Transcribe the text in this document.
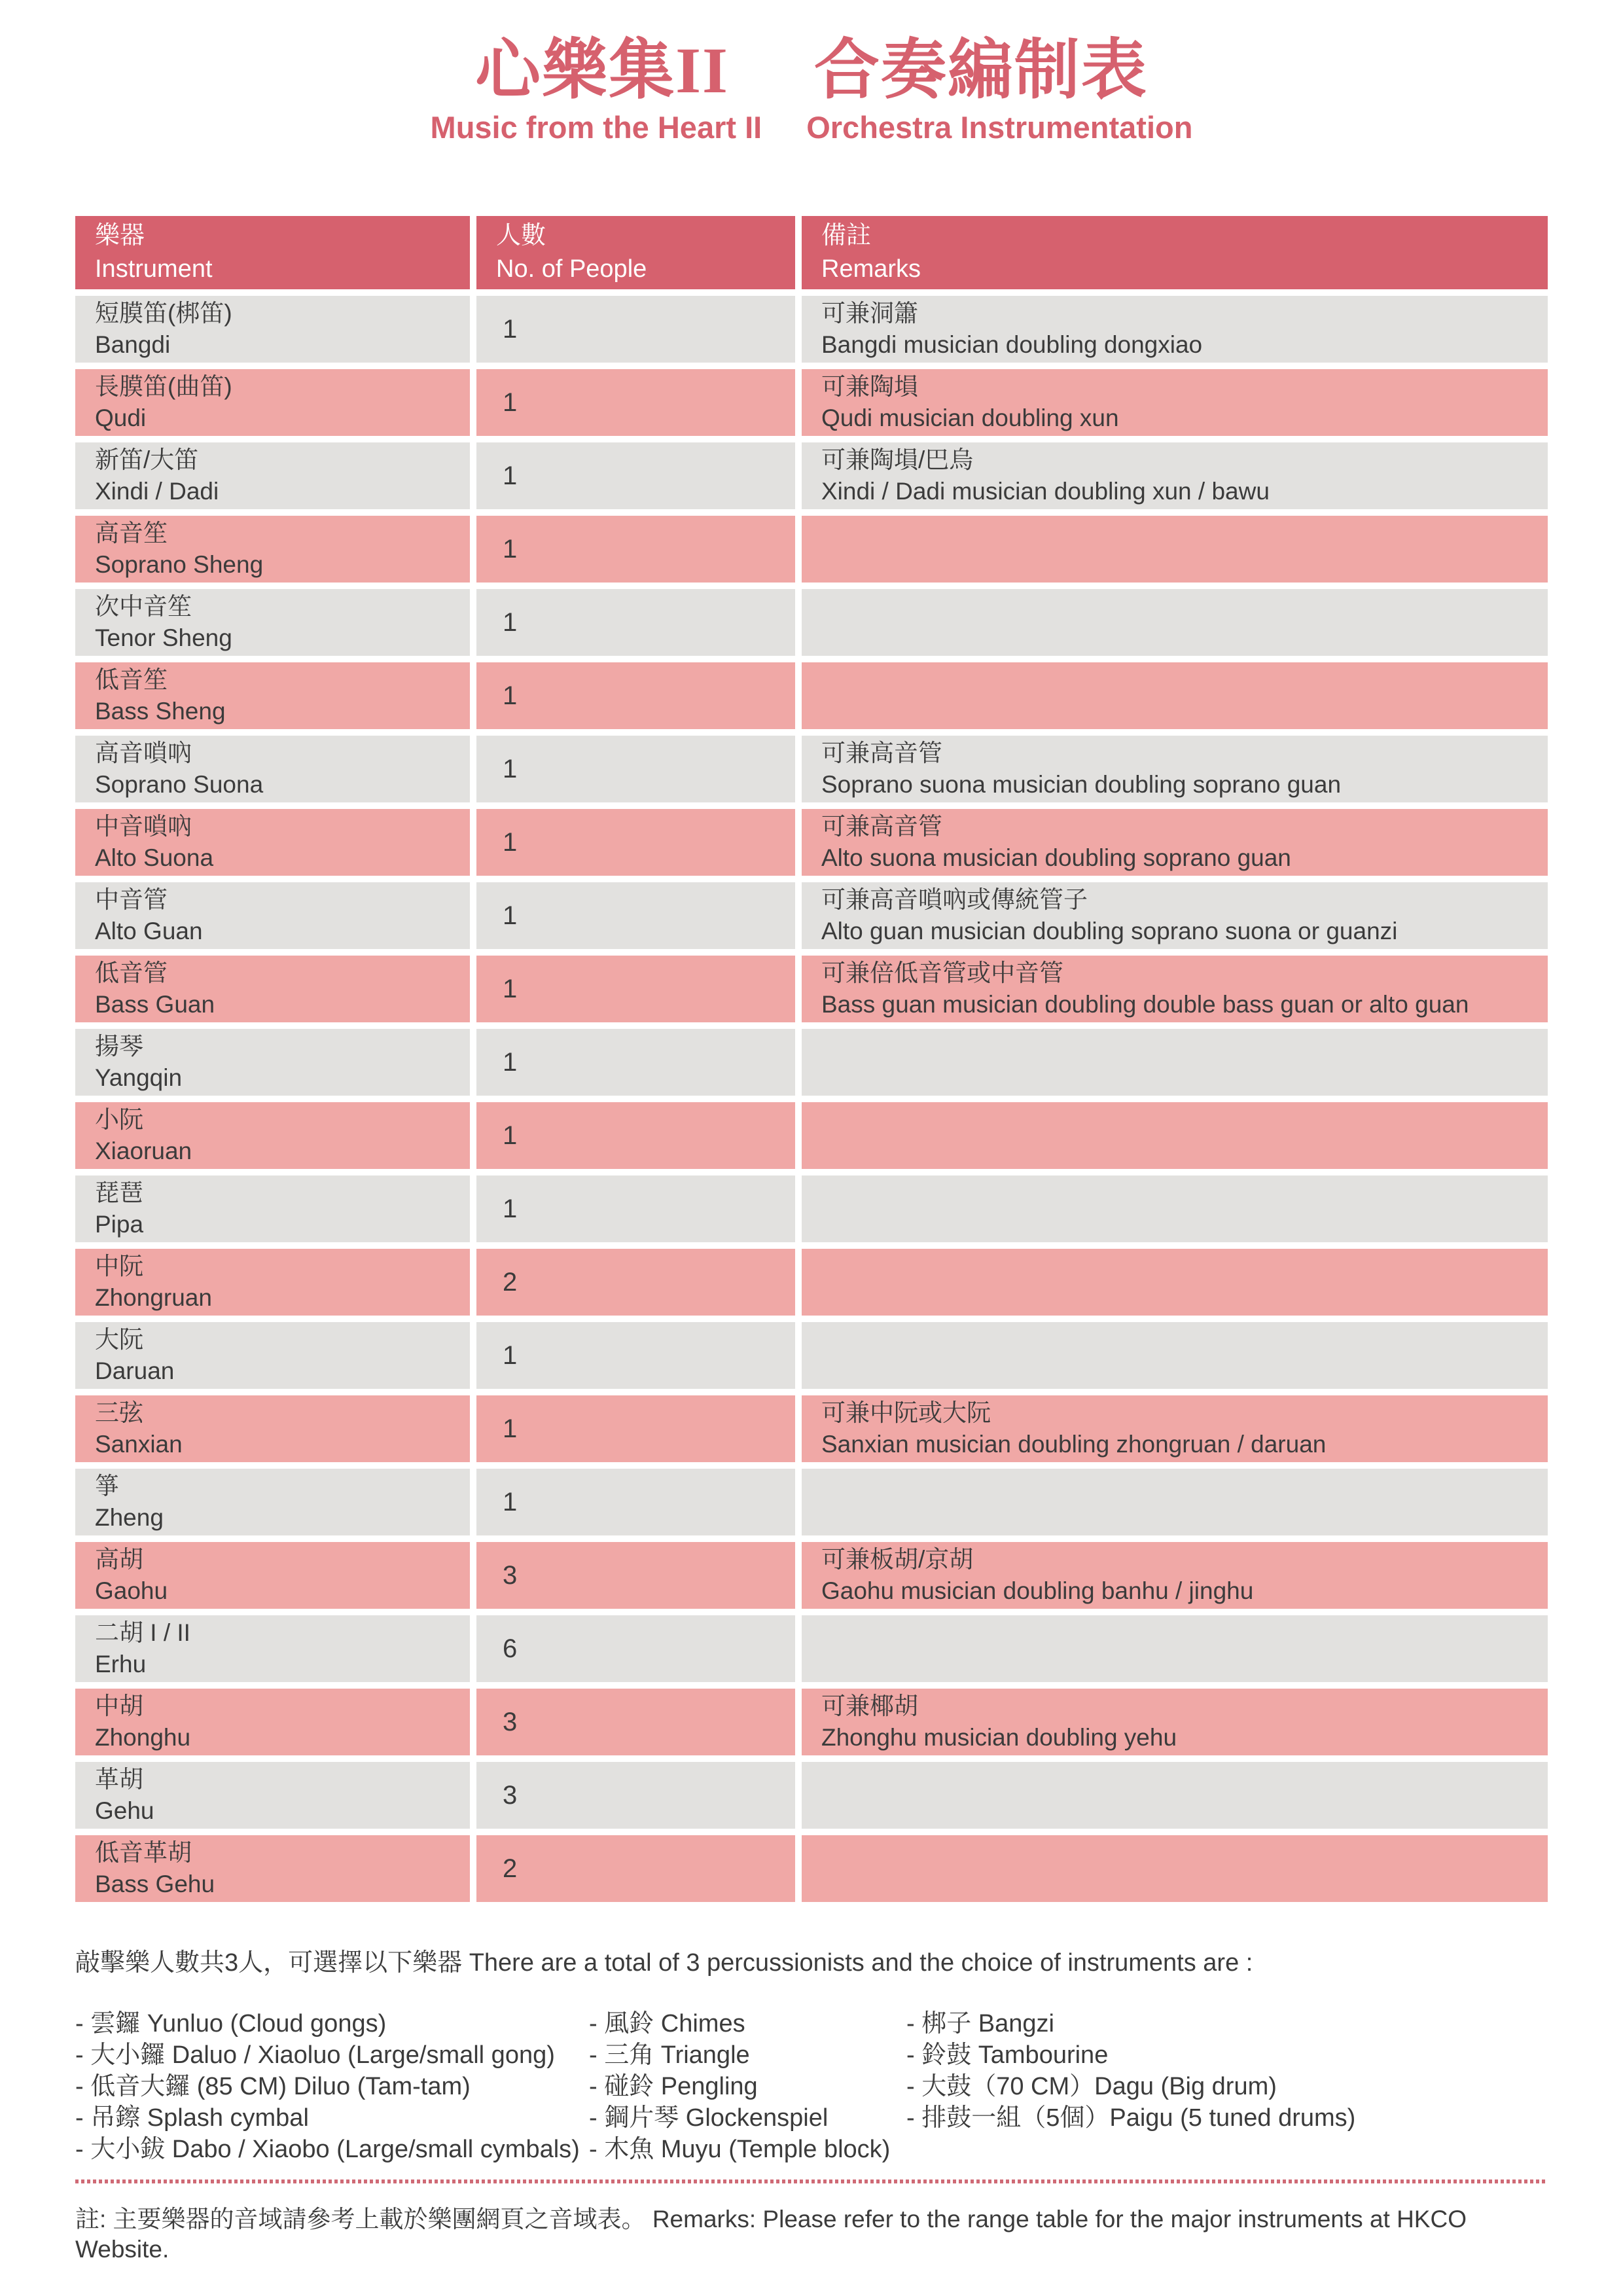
心樂集II 合奏編制表
Music from the Heart II Orchestra Instrumentation
樂器
Instrument
人數
No. of People
備註
Remarks
短膜笛(梆笛)
Bangdi
1
可兼洞簫
Bangdi musician doubling dongxiao
長膜笛(曲笛)
Qudi
1
可兼陶塤
Qudi musician doubling xun
新笛/大笛
Xindi / Dadi
1
可兼陶塤/巴烏
Xindi / Dadi musician doubling xun / bawu
高音笙
Soprano Sheng
1
次中音笙
Tenor Sheng
1
低音笙
Bass Sheng
1
高音嗩吶
Soprano Suona
1
可兼高音管
Soprano suona musician doubling soprano guan
中音嗩吶
Alto Suona
1
可兼高音管
Alto suona musician doubling soprano guan
中音管
Alto Guan
1
可兼高音嗩吶或傳統管子
Alto guan musician doubling soprano suona or guanzi
低音管
Bass Guan
1
可兼倍低音管或中音管
Bass guan musician doubling double bass guan or alto guan
揚琴
Yangqin
1
小阮
Xiaoruan
1
琵琶
Pipa
1
中阮
Zhongruan
2
大阮
Daruan
1
三弦
Sanxian
1
可兼中阮或大阮
Sanxian musician doubling zhongruan / daruan
箏
Zheng
1
高胡
Gaohu
3
可兼板胡/京胡
Gaohu musician doubling banhu / jinghu
二胡 I / II
Erhu
6
中胡
Zhonghu
3
可兼椰胡
Zhonghu musician doubling yehu
革胡
Gehu
3
低音革胡
Bass Gehu
2
敲擊樂人數共3人，可選擇以下樂器 There are a total of 3 percussionists and the choice of instruments are :
- 雲鑼 Yunluo (Cloud gongs)
- 大小鑼 Daluo / Xiaoluo (Large/small gong)
- 低音大鑼 (85 CM) Diluo (Tam-tam)
- 吊鑔 Splash cymbal
- 大小鈸 Dabo / Xiaobo (Large/small cymbals)
- 風鈴 Chimes
- 三角 Triangle
- 碰鈴 Pengling
- 鋼片琴 Glockenspiel
- 木魚 Muyu (Temple block)
- 梆子 Bangzi
- 鈴鼓 Tambourine
- 大鼓（70 CM）Dagu (Big drum)
- 排鼓一組（5個）Paigu (5 tuned drums)
註: 主要樂器的音域請參考上載於樂團網頁之音域表。 Remarks: Please refer to the range table for the major instruments at HKCO Website.
